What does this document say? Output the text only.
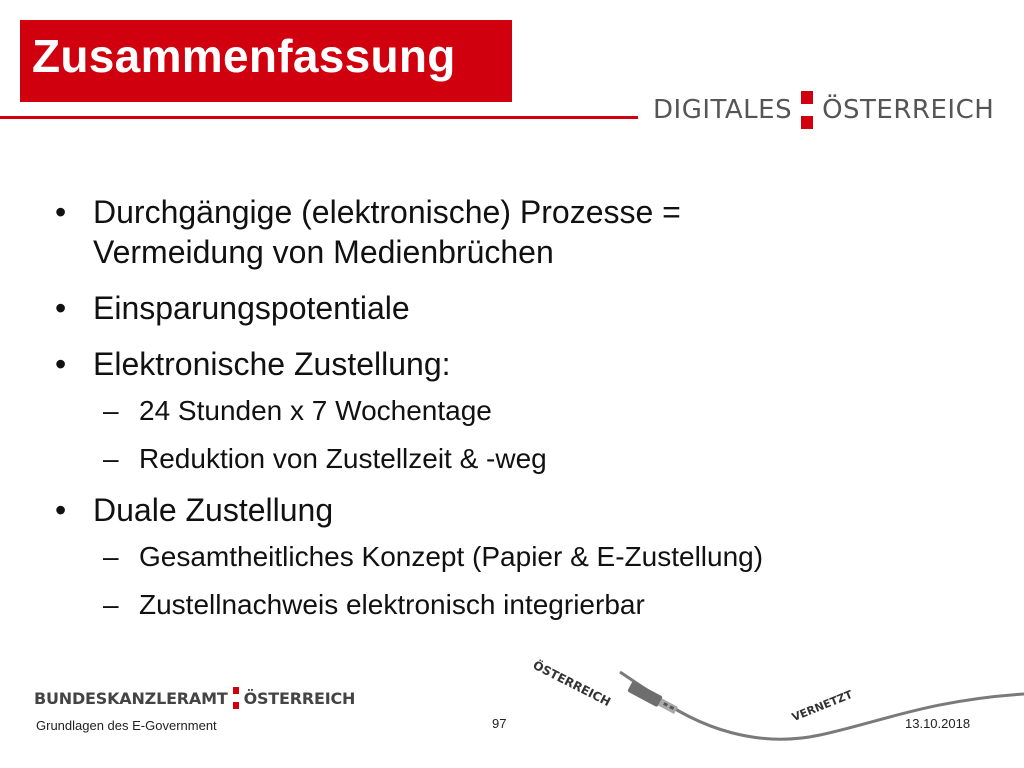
Zusammenfassung
DIGITALES ÖSTERREICH
• Durchgängige (elektronische) Prozesse =
Vermeidung von Medienbrüchen
• Einsparungspotentiale
• Elektronische Zustellung:
– 24 Stunden x 7 Wochentage
– Reduktion von Zustellzeit & -weg
• Duale Zustellung
– Gesamtheitliches Konzept (Papier & E-Zustellung)
– Zustellnachweis elektronisch integrierbar
ÖSTERREICH	VERNETZT
BUNDESKANZLERAMT ÖSTERREICH
Grundlagen des E-Government	97	13.10.2018
